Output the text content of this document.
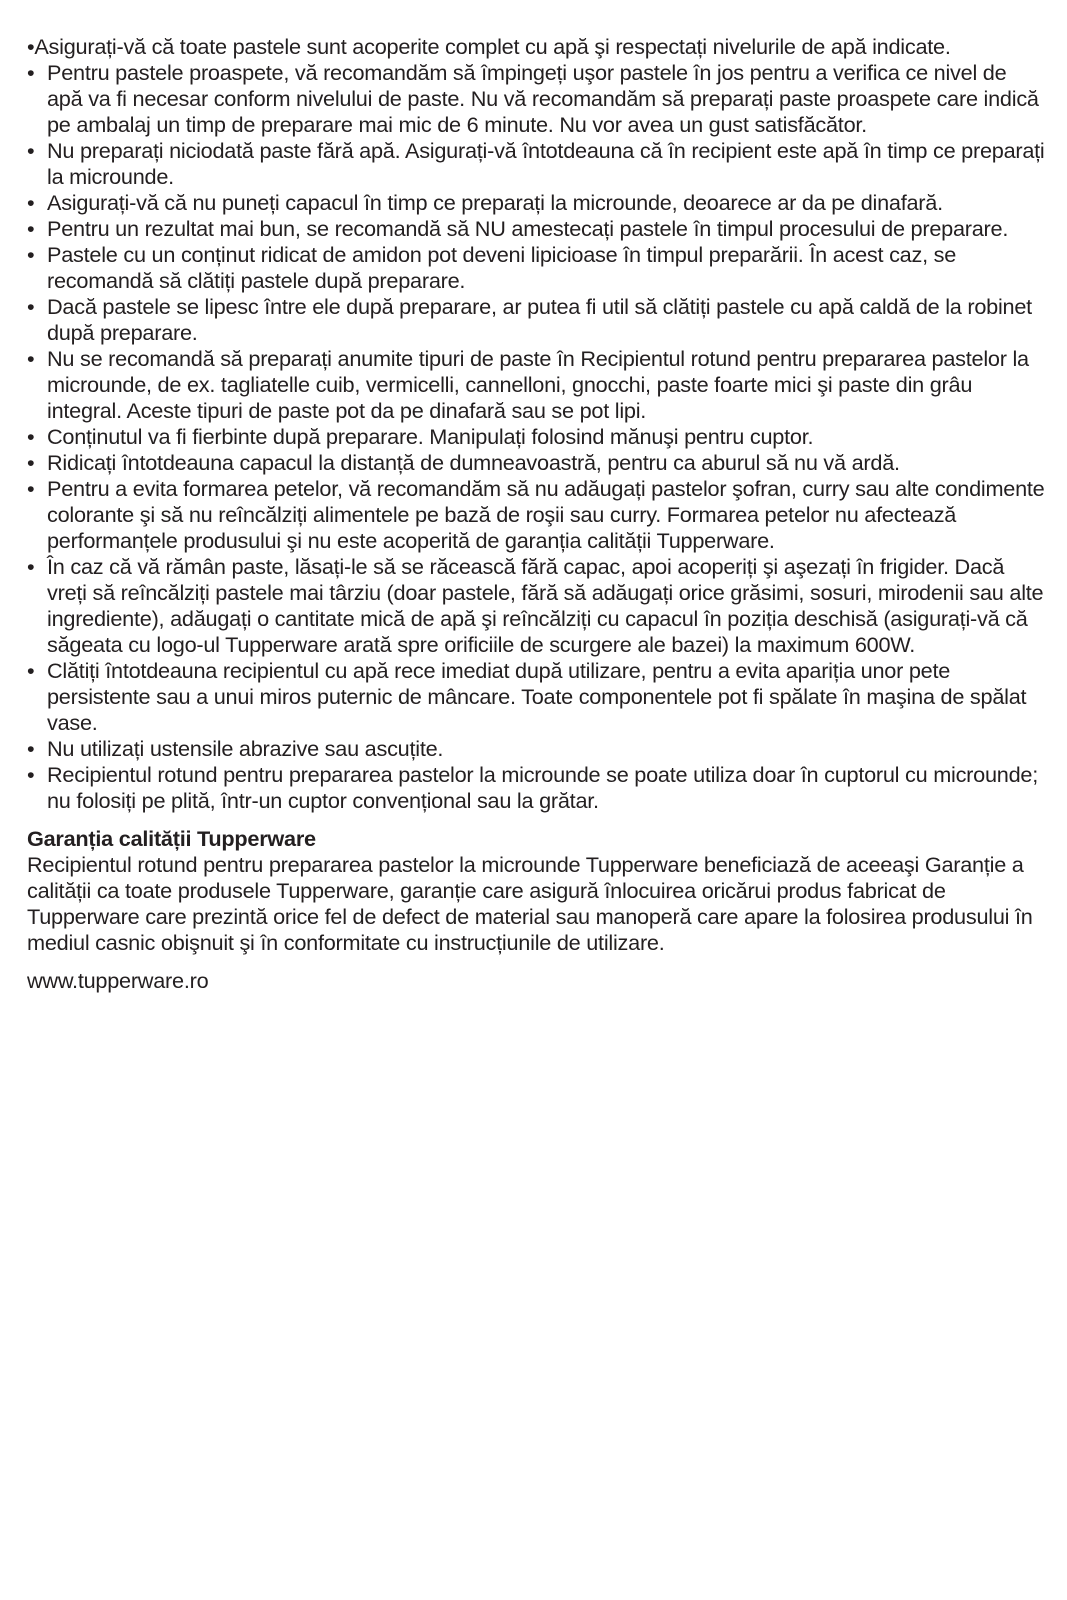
•Asigurați-vă că toate pastele sunt acoperite complet cu apă şi respectați nivelurile de apă indicate.

• Pentru pastele proaspete, vă recomandăm să împingeți uşor pastele în jos pentru a verifica ce nivel de apă va fi necesar conform nivelului de paste. Nu vă recomandăm să preparați paste proaspete care indică pe ambalaj un timp de preparare mai mic de 6 minute. Nu vor avea un gust satisfăcător.
• Nu preparați niciodată paste fără apă. Asigurați-vă întotdeauna că în recipient este apă în timp ce preparați la microunde.
• Asigurați-vă că nu puneți capacul în timp ce preparați la microunde, deoarece ar da pe dinafară.
• Pentru un rezultat mai bun, se recomandă să NU amestecați pastele în timpul procesului de preparare.
• Pastele cu un conținut ridicat de amidon pot deveni lipicioase în timpul preparării. În acest caz, se recomandă să clătiți pastele după preparare.
• Dacă pastele se lipesc între ele după preparare, ar putea fi util să clătiți pastele cu apă caldă de la robinet după preparare.
• Nu se recomandă să preparați anumite tipuri de paste în Recipientul rotund pentru prepararea pastelor la microunde, de ex. tagliatelle cuib, vermicelli, cannelloni, gnocchi, paste foarte mici şi paste din grâu integral. Aceste tipuri de paste pot da pe dinafară sau se pot lipi.
• Conținutul va fi fierbinte după preparare. Manipulați folosind mănuşi pentru cuptor.
• Ridicați întotdeauna capacul la distanță de dumneavoastră, pentru ca aburul să nu vă ardă.
• Pentru a evita formarea petelor, vă recomandăm să nu adăugați pastelor şofran, curry sau alte condimente colorante şi să nu reîncălziți alimentele pe bază de roşii sau curry. Formarea petelor nu afectează performanțele produsului şi nu este acoperită de garanția calității Tupperware.
• În caz că vă rămân paste, lăsați-le să se răcească fără capac, apoi acoperiți şi aşezați în frigider. Dacă vreți să reîncălziți pastele mai târziu (doar pastele, fără să adăugați orice grăsimi, sosuri, mirodenii sau alte ingrediente), adăugați o cantitate mică de apă şi reîncălziți cu capacul în poziția deschisă (asigurați-vă că săgeata cu logo-ul Tupperware arată spre orificiile de scurgere ale bazei) la maximum 600W.
• Clătiți întotdeauna recipientul cu apă rece imediat după utilizare, pentru a evita apariția unor pete persistente sau a unui miros puternic de mâncare. Toate componentele pot fi spălate în maşina de spălat vase.
• Nu utilizați ustensile abrazive sau ascuțite.
• Recipientul rotund pentru prepararea pastelor la microunde se poate utiliza doar în cuptorul cu microunde; nu folosiți pe plită, într-un cuptor convențional sau la grătar.

Garanția calității Tupperware

Recipientul rotund pentru prepararea pastelor la microunde Tupperware beneficiază de aceeaşi Garanție a calității ca toate produsele Tupperware, garanție care asigură înlocuirea oricărui produs fabricat de Tupperware care prezintă orice fel de defect de material sau manoperă care apare la folosirea produsului în mediul casnic obişnuit şi în conformitate cu instrucțiunile de utilizare.

www.tupperware.ro
